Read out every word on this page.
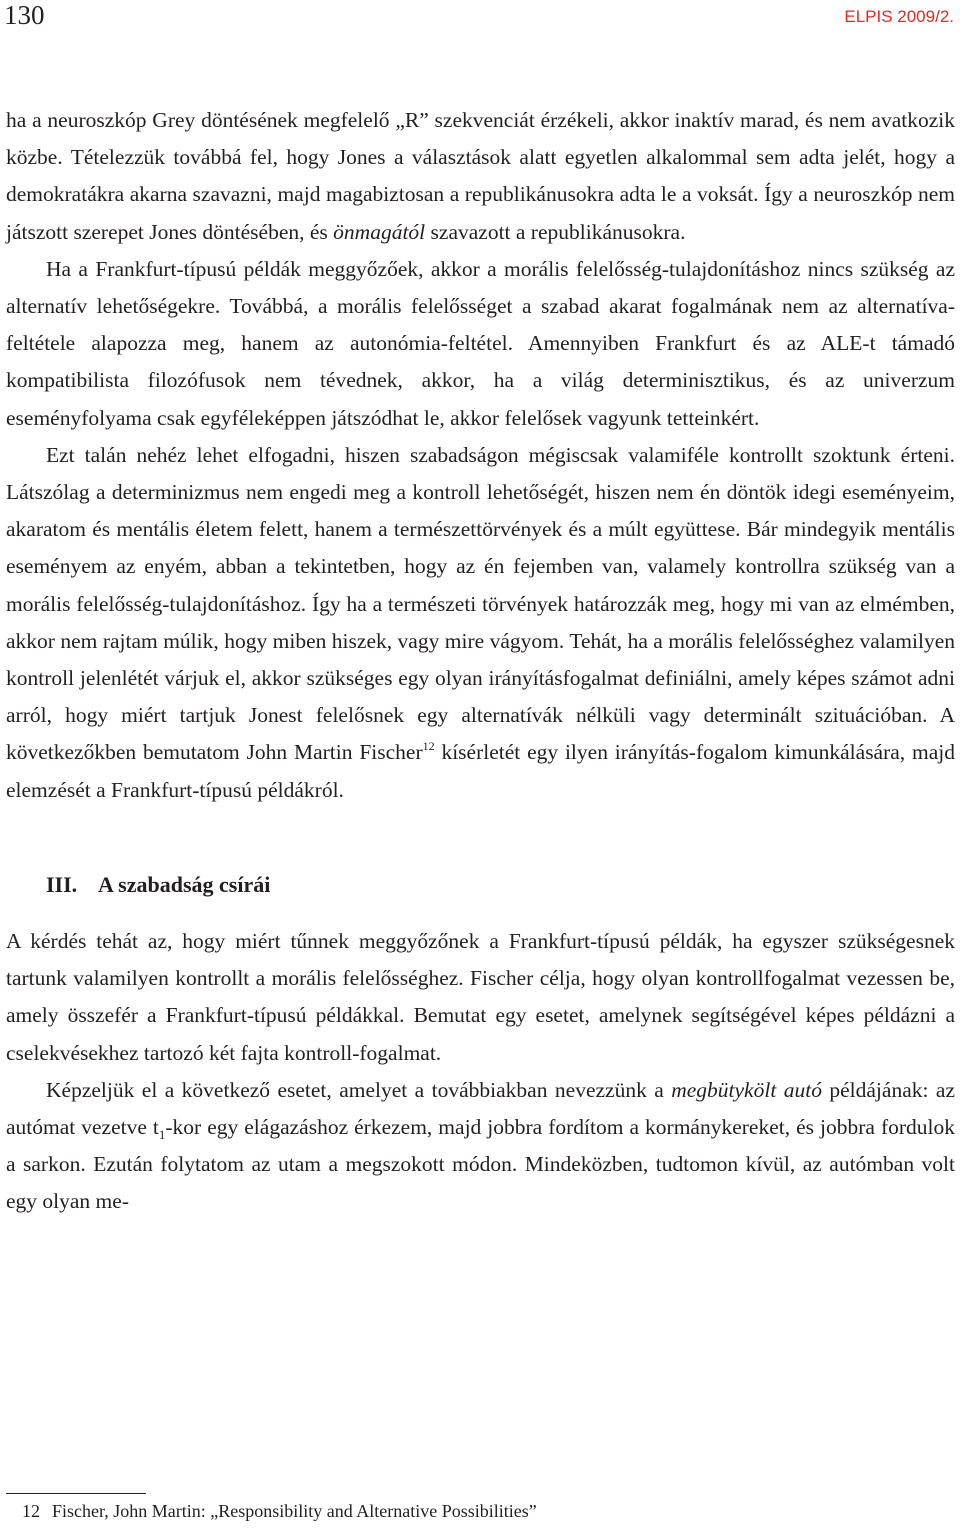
130	ELPIS 2009/2.

ha a neuroszkóp Grey döntésének megfelelő „R” szekvenciát érzékeli, akkor inaktív marad, és nem avatkozik közbe. Tételezzük továbbá fel, hogy Jones a választások alatt egyetlen alkalommal sem adta jelét, hogy a demokratákra akarna szavazni, majd magabiztosan a republikánusokra adta le a voksát. Így a neuroszkóp nem játszott szerepet Jones döntésében, és önmagától szavazott a republikánusokra.

Ha a Frankfurt-típusú példák meggyőzőek, akkor a morális felelősség-tulajdonításhoz nincs szükség az alternatív lehetőségekre. Továbbá, a morális felelősséget a szabad akarat fogalmának nem az alternatíva-feltétele alapozza meg, hanem az autonómia-feltétel. Amennyiben Frankfurt és az ALE-t támadó kompatibilista filozófusok nem tévednek, akkor, ha a világ determinisztikus, és az univerzum eseményfolyama csak egyféleképpen játszódhat le, akkor felelősek vagyunk tetteinkért.

Ezt talán nehéz lehet elfogadni, hiszen szabadságon mégiscsak valamiféle kontrollt szoktunk érteni. Látszólag a determinizmus nem engedi meg a kontroll lehetőségét, hiszen nem én döntök idegi eseményeim, akaratom és mentális életem felett, hanem a természettörvények és a múlt együttese. Bár mindegyik mentális eseményem az enyém, abban a tekintetben, hogy az én fejemben van, valamely kontrollra szükség van a morális felelősség-tulajdonításhoz. Így ha a természeti törvények határozzák meg, hogy mi van az elmémben, akkor nem rajtam múlik, hogy miben hiszek, vagy mire vágyom. Tehát, ha a morális felelősséghez valamilyen kontroll jelenlétét várjuk el, akkor szükséges egy olyan irányításfogalmat definiálni, amely képes számot adni arról, hogy miért tartjuk Jonest felelősnek egy alternatívák nélküli vagy determinált szituációban. A következőkben bemutatom John Martin Fischer$^{12}$ kísérletét egy ilyen irányítás-fogalom kimunkálására, majd elemzését a Frankfurt-típusú példákról.

III. A szabadság csírái

A kérdés tehát az, hogy miért tűnnek meggyőzőnek a Frankfurt-típusú példák, ha egyszer szükségesnek tartunk valamilyen kontrollt a morális felelősséghez. Fischer célja, hogy olyan kontrollfogalmat vezessen be, amely összefér a Frankfurt-típusú példákkal. Bemutat egy esetet, amelynek segítségével képes példázni a cselekvésekhez tartozó két fajta kontroll-fogalmat.

Képzeljük el a következő esetet, amelyet a továbbiakban nevezzünk a megbütykölt autó példájának: az autómat vezetve $t_1$-kor egy elágazáshoz érkezem, majd jobbra fordítom a kormánykereket, és jobbra fordulok a sarkon. Ezután folytatom az utam a megszokott módon. Mindeközben, tudtomon kívül, az autómban volt egy olyan me-

12 Fischer, John Martin: „Responsibility and Alternative Possibilities”
